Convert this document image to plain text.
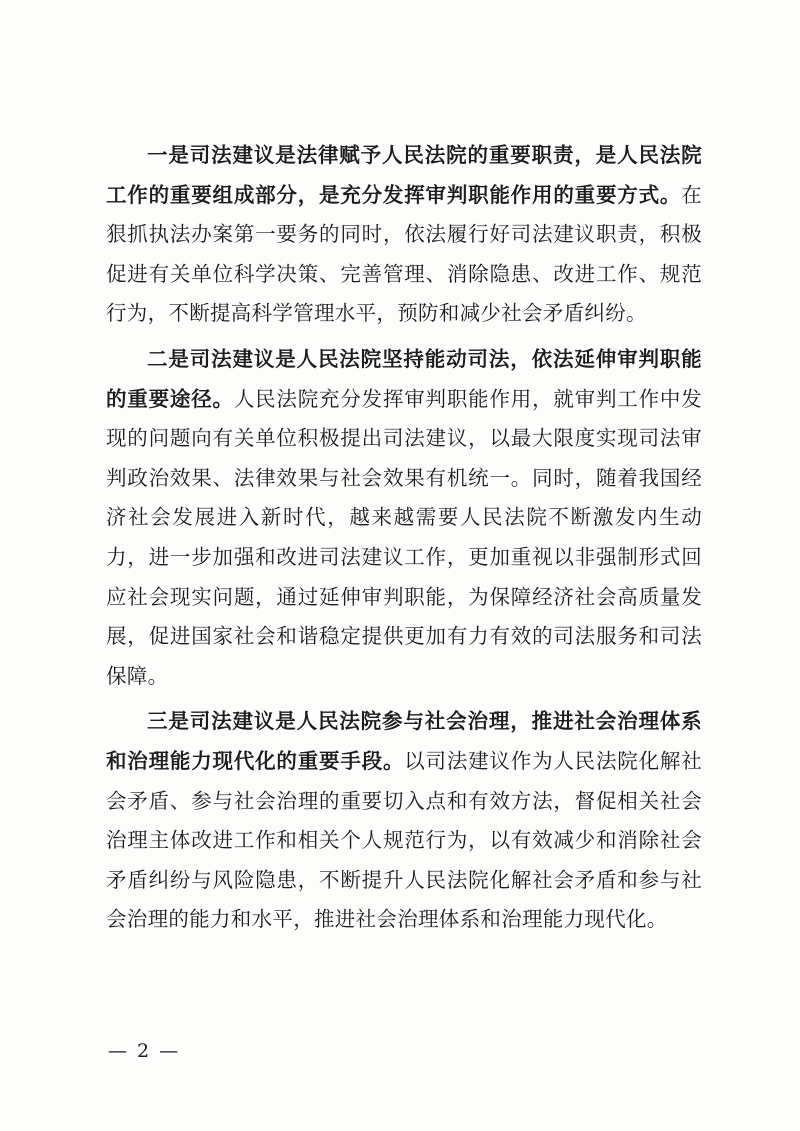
一是司法建议是法律赋予人民法院的重要职责，是人民法院工作的重要组成部分，是充分发挥审判职能作用的重要方式。在狠抓执法办案第一要务的同时，依法履行好司法建议职责，积极促进有关单位科学决策、完善管理、消除隐患、改进工作、规范行为，不断提高科学管理水平，预防和减少社会矛盾纠纷。

二是司法建议是人民法院坚持能动司法，依法延伸审判职能的重要途径。人民法院充分发挥审判职能作用，就审判工作中发现的问题向有关单位积极提出司法建议，以最大限度实现司法审判政治效果、法律效果与社会效果有机统一。同时，随着我国经济社会发展进入新时代，越来越需要人民法院不断激发内生动力，进一步加强和改进司法建议工作，更加重视以非强制形式回应社会现实问题，通过延伸审判职能，为保障经济社会高质量发展，促进国家社会和谐稳定提供更加有力有效的司法服务和司法保障。

三是司法建议是人民法院参与社会治理，推进社会治理体系和治理能力现代化的重要手段。以司法建议作为人民法院化解社会矛盾、参与社会治理的重要切入点和有效方法，督促相关社会治理主体改进工作和相关个人规范行为，以有效减少和消除社会矛盾纠纷与风险隐患，不断提升人民法院化解社会矛盾和参与社会治理的能力和水平，推进社会治理体系和治理能力现代化。

— 2 —
